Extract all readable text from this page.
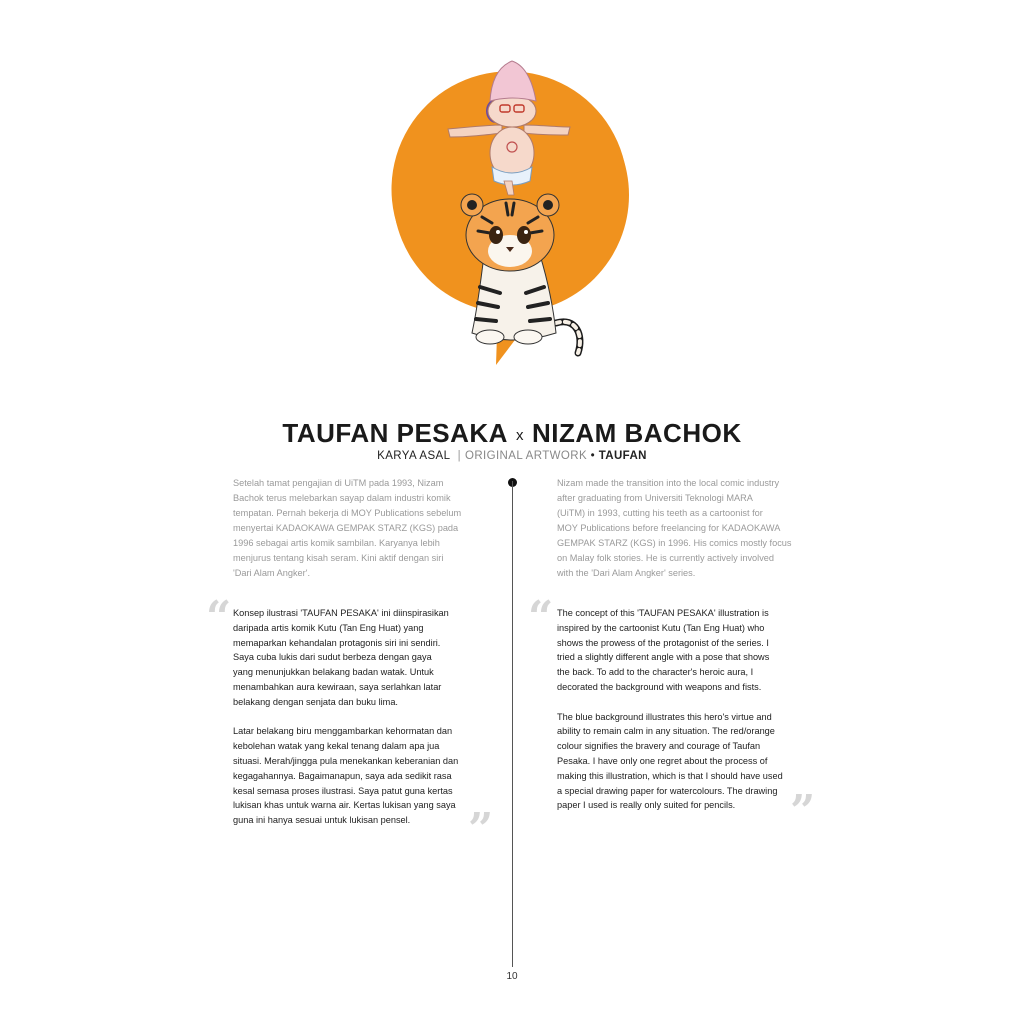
TAUFAN PESAKA x NIZAM BACHOK
KARYA ASAL | ORIGINAL ARTWORK • TAUFAN
Setelah tamat pengajian di UiTM pada 1993, Nizam
Bachok terus melebarkan sayap dalam industri komik
tempatan. Pernah bekerja di MOY Publications sebelum
menyertai KADAOKAWA GEMPAK STARZ (KGS) pada
1996 sebagai artis komik sambilan. Karyanya lebih
menjurus tentang kisah seram. Kini aktif dengan siri
'Dari Alam Angker'.
Nizam made the transition into the local comic industry
after graduating from Universiti Teknologi MARA
(UiTM) in 1993, cutting his teeth as a cartoonist for
MOY Publications before freelancing for KADAOKAWA
GEMPAK STARZ (KGS) in 1996. His comics mostly focus
on Malay folk stories. He is currently actively involved
with the 'Dari Alam Angker' series.
“
”
“
”
Konsep ilustrasi 'TAUFAN PESAKA' ini diinspirasikan
daripada artis komik Kutu (Tan Eng Huat) yang
memaparkan kehandalan protagonis siri ini sendiri.
Saya cuba lukis dari sudut berbeza dengan gaya
yang menunjukkan belakang badan watak. Untuk
menambahkan aura kewiraan, saya serlahkan latar
belakang dengan senjata dan buku lima.
Latar belakang biru menggambarkan kehormatan dan
kebolehan watak yang kekal tenang dalam apa jua
situasi. Merah/jingga pula menekankan keberanian dan
kegagahannya. Bagaimanapun, saya ada sedikit rasa
kesal semasa proses ilustrasi. Saya patut guna kertas
lukisan khas untuk warna air. Kertas lukisan yang saya
guna ini hanya sesuai untuk lukisan pensel.
The concept of this 'TAUFAN PESAKA' illustration is
inspired by the cartoonist Kutu (Tan Eng Huat) who
shows the prowess of the protagonist of the series. I
tried a slightly different angle with a pose that shows
the back. To add to the character's heroic aura, I
decorated the background with weapons and fists.
The blue background illustrates this hero's virtue and
ability to remain calm in any situation. The red/orange
colour signifies the bravery and courage of Taufan
Pesaka. I have only one regret about the process of
making this illustration, which is that I should have used
a special drawing paper for watercolours. The drawing
paper I used is really only suited for pencils.
10
